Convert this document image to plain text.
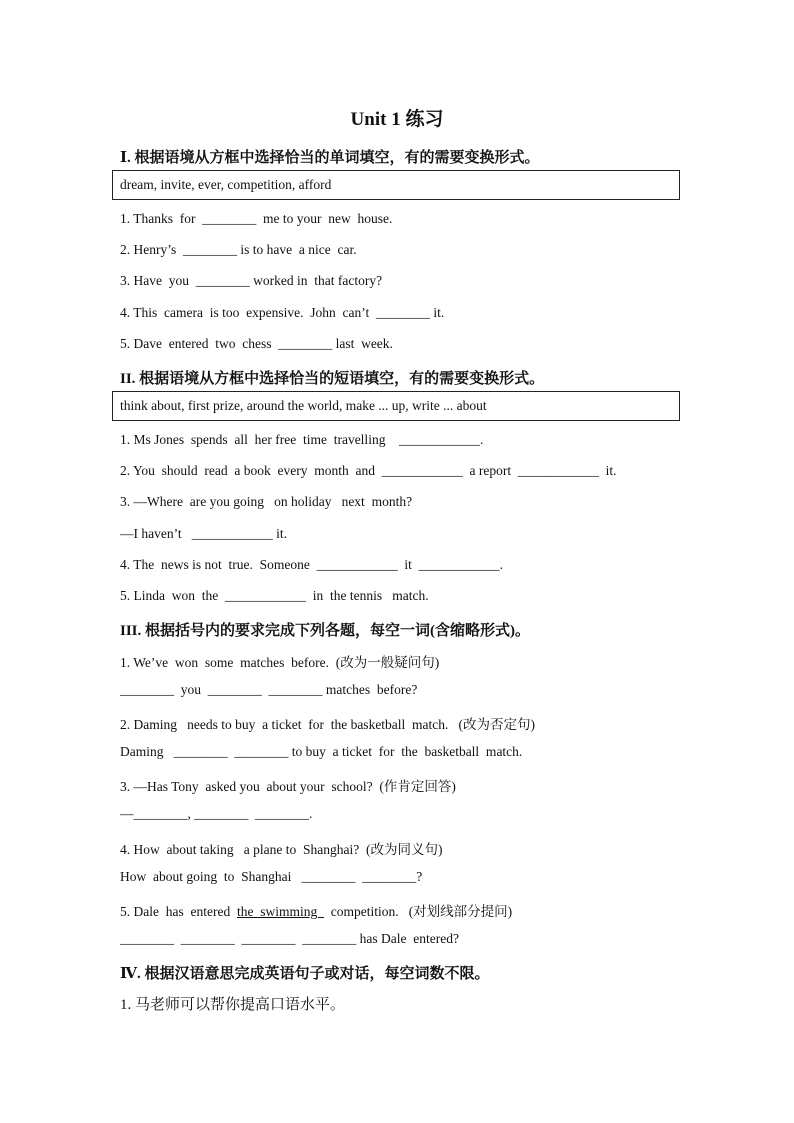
Unit 1 练习
Ⅰ. 根据语境从方框中选择恰当的单词填空，有的需要变换形式。
dream, invite, ever, competition, afford
1. Thanks  for  ________  me to your  new  house.
2. Henry’s  ________ is to have  a nice  car.
3. Have  you  ________ worked in  that factory?
4. This  camera  is too  expensive.  John  can’t  ________ it.
5. Dave  entered  two  chess  ________ last  week.
II. 根据语境从方框中选择恰当的短语填空，有的需要变换形式。
think about, first prize, around the world, make ... up, write ... about
1. Ms Jones  spends  all  her free  time  travelling    ____________.
2. You  should  read  a book  every  month  and  ____________  a report  ____________  it.
3. —Where  are you going   on holiday   next  month?
—I haven’t   ____________ it.
4. The  news is not  true.  Someone  ____________  it  ____________.
5. Linda  won  the  ____________  in  the tennis   match.
III. 根据括号内的要求完成下列各题，每空一词(含缩略形式)。
1. We’ve  won  some  matches  before.  (改为一般疑问句)
________  you  ________  ________ matches  before?
2. Daming   needs to buy  a ticket  for  the basketball  match.   (改为否定句)
Daming   ________  ________ to buy  a ticket  for  the  basketball  match.
3. —Has Tony  asked you  about your  school?  (作肯定回答)
—________, ________  ________.
4. How  about taking   a plane to  Shanghai?  (改为同义句)
How  about going  to  Shanghai   ________  ________?
5. Dale  has  entered  the  swimming    competition.   (对划线部分提问)
________  ________  ________  ________ has Dale  entered?
Ⅳ. 根据汉语意思完成英语句子或对话，每空词数不限。
1. 马老师可以帮你提高口语水平。
